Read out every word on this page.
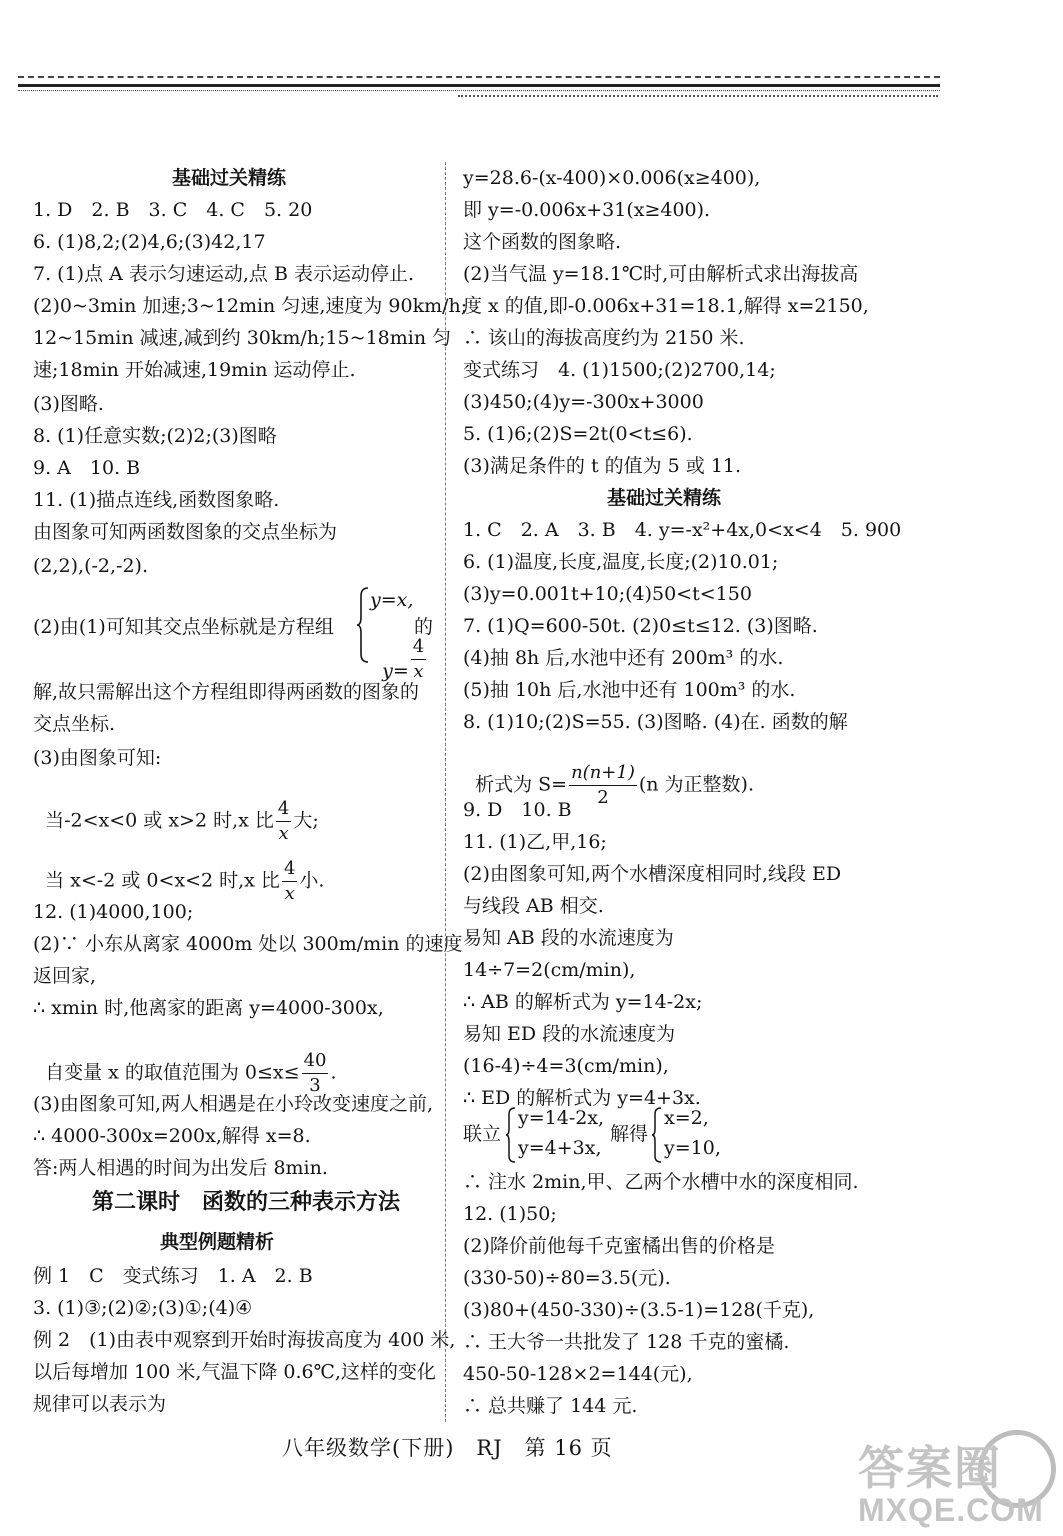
基础过关精练
1. D　2. B　3. C　4. C　5. 20
6. (1)8,2;(2)4,6;(3)42,17
7. (1)点 A 表示匀速运动,点 B 表示运动停止.
(2)0~3min 加速;3~12min 匀速,速度为 90km/h;
12~15min 减速,减到约 30km/h;15~18min 匀
速;18min 开始减速,19min 运动停止.
(3)图略.
8. (1)任意实数;(2)2;(3)图略
9. A　10. B
11. (1)描点连线,函数图象略.
由图象可知两函数图象的交点坐标为
(2,2),(-2,-2).
(2)由(1)可知其交点坐标就是方程组
y=x,

$y= \frac{4}{x}$

的
解,故只需解出这个方程组即得两函数的图象的
交点坐标.
(3)由图象可知:

当-2<x<0 或 x>2 时,x 比 $\frac{4}{x}$ 大;

当 x<-2 或 0<x<2 时,x 比 $\frac{4}{x}$ 小.

12. (1)4000,100;
(2)∵ 小东从离家 4000m 处以 300m/min 的速度
返回家,
∴ xmin 时,他离家的距离 y=4000-300x,

自变量 x 的取值范围为 $0\le x\le \frac{40}{3}$ .

(3)由图象可知,两人相遇是在小玲改变速度之前,
∴ 4000-300x=200x,解得 x=8.
答:两人相遇的时间为出发后 8min.
第二课时　函数的三种表示方法
典型例题精析
例 1　C　变式练习　1. A　2. B
3. (1)③;(2)②;(3)①;(4)④
例 2　(1)由表中观察到开始时海拔高度为 400 米,
以后每增加 100 米,气温下降 0.6℃,这样的变化
规律可以表示为
y=28.6-(x-400)×0.006(x≥400),
即 y=-0.006x+31(x≥400).
这个函数的图象略.
(2)当气温 y=18.1℃时,可由解析式求出海拔高
度 x 的值,即-0.006x+31=18.1,解得 x=2150,
∴ 该山的海拔高度约为 2150 米.
变式练习　4. (1)1500;(2)2700,14;
(3)450;(4)y=-300x+3000
5. (1)6;(2)S=2t(0<t≤6).
(3)满足条件的 t 的值为 5 或 11.
基础过关精练
1. C　2. A　3. B　4. y=-x²+4x,0<x<4　5. 900
6. (1)温度,长度,温度,长度;(2)10.01;
(3)y=0.001t+10;(4)50<t<150
7. (1)Q=600-50t. (2)0≤t≤12. (3)图略.
(4)抽 8h 后,水池中还有 200m³ 的水.
(5)抽 10h 后,水池中还有 100m³ 的水.
8. (1)10;(2)S=55. (3)图略. (4)在. 函数的解

析式为 $S= \frac{n(n+1)}{2} (n$ 为正整数).

9. D　10. B
11. (1)乙,甲,16;
(2)由图象可知,两个水槽深度相同时,线段 ED
与线段 AB 相交.
易知 AB 段的水流速度为
14÷7=2(cm/min),
∴ AB 的解析式为 y=14-2x;
易知 ED 段的水流速度为
(16-4)÷4=3(cm/min),
∴ ED 的解析式为 y=4+3x.
联立
y=14-2x,
y=4+3x,
解得
x=2,
y=10,
∴ 注水 2min,甲、乙两个水槽中水的深度相同.
12. (1)50;
(2)降价前他每千克蜜橘出售的价格是
(330-50)÷80=3.5(元).
(3)80+(450-330)÷(3.5-1)=128(千克),
∴ 王大爷一共批发了 128 千克的蜜橘.
450-50-128×2=144(元),
∴ 总共赚了 144 元.
八年级数学(下册)　RJ　第 16 页	答案圈
MXQE.COM
